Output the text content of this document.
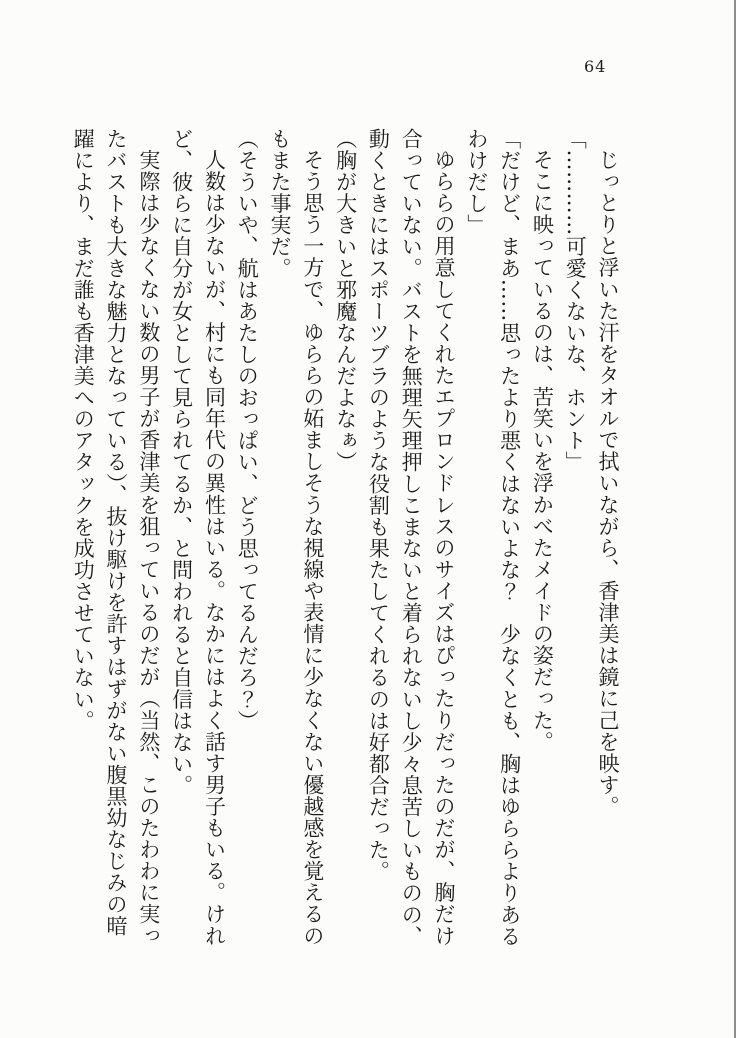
64
じっとりと浮いた汗をタオルで拭いながら、香津美は鏡に己を映す。
「…………可愛くないな、ホント」
そこに映っているのは、苦笑いを浮かべたメイドの姿だった。
「だけど、まあ……思ったより悪くはないよな？　少なくとも、胸はゆららよりある
わけだし」
ゆららの用意してくれたエプロンドレスのサイズはぴったりだったのだが、胸だけ
合っていない。バストを無理矢理押しこまないと着られないし少々息苦しいものの、
動くときにはスポーツブラのような役割も果たしてくれるのは好都合だった。
（胸が大きいと邪魔なんだよなぁ）
そう思う一方で、ゆららの妬ましそうな視線や表情に少なくない優越感を覚えるの
もまた事実だ。
（そういや、航はあたしのおっぱい、どう思ってるんだろ？）
人数は少ないが、村にも同年代の異性はいる。なかにはよく話す男子もいる。けれ
ど、彼らに自分が女として見られてるか、と問われると自信はない。
実際は少なくない数の男子が香津美を狙っているのだが（当然、このたわわに実っ
たバストも大きな魅力となっている）、抜け駆けを許すはずがない腹黒幼なじみの暗
躍により、まだ誰も香津美へのアタックを成功させていない。
